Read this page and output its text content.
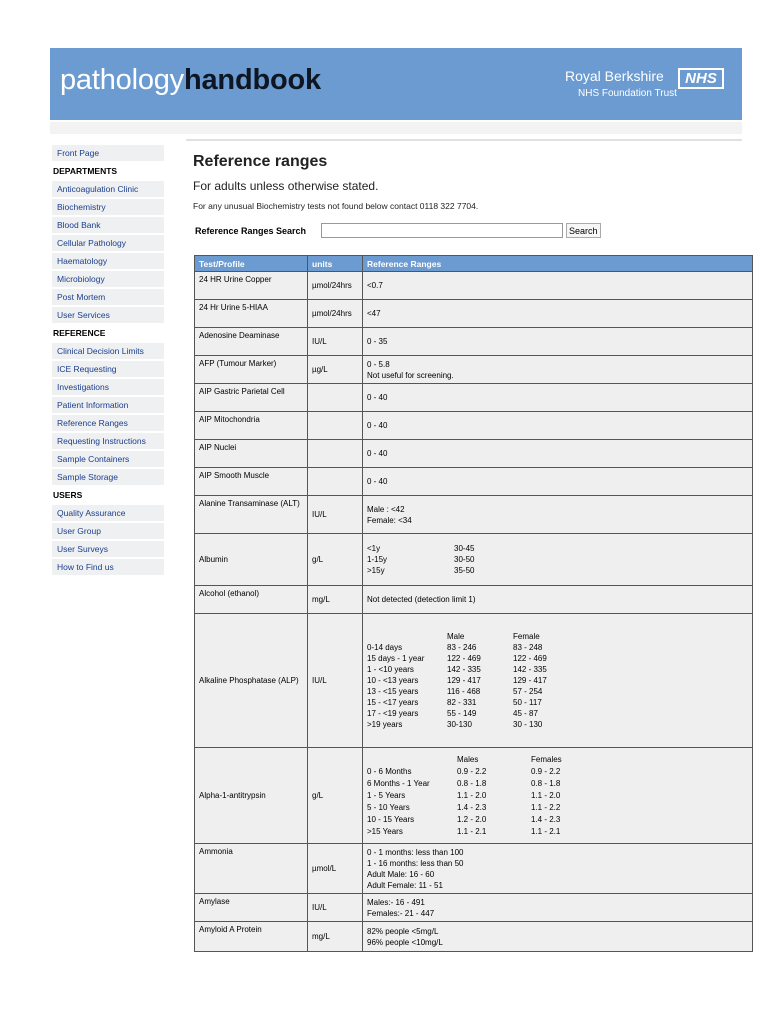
pathologyhandbook	Royal Berkshire	NHS
NHS Foundation Trust
Front Page
DEPARTMENTS
Anticoagulation Clinic
Biochemistry
Blood Bank
Cellular Pathology
Haematology
Microbiology
Post Mortem
User Services
REFERENCE
Clinical Decision Limits
ICE Requesting
Investigations
Patient Information
Reference Ranges
Requesting Instructions
Sample Containers
Sample Storage
USERS
Quality Assurance
User Group
User Surveys
How to Find us
Reference ranges
For adults unless otherwise stated.
For any unusual Biochemistry tests not found below contact 0118 322 7704.
Reference Ranges Search	Search
Test/Profile	units	Reference Ranges
24 HR Urine Copper	µmol/24hrs	<0.7
24 Hr Urine 5-HIAA	µmol/24hrs	<47
Adenosine Deaminase	IU/L	0 - 35
AFP (Tumour Marker)	µg/L	
0 - 5.8
Not useful for screening.

AIP Gastric Parietal Cell		0 - 40
AIP Mitochondria		0 - 40
AIP Nuclei		0 - 40
AIP Smooth Muscle		0 - 40
Alanine Transaminase (ALT)	IU/L	
Male : <42
Female: <34

Albumin	g/L	
<1y	30-45
1-15y	30-50
>15y	35-50

Alcohol (ethanol)	mg/L	Not detected (detection limit 1)
Alkaline Phosphatase (ALP)	IU/L	
	Male	Female
0-14 days	83 - 246	83 - 248
15 days - 1 year	122 - 469	122 - 469
1 - <10 years	142 - 335	142 - 335
10 - <13 years	129 - 417	129 - 417
13 - <15 years	116 - 468	57 - 254
15 - <17 years	82 - 331	50 - 117
17 - <19 years	55 - 149	45 - 87
>19 years	30-130	30 - 130

Alpha-1-antitrypsin	g/L	
	Males	Females
0 - 6 Months	0.9 - 2.2	0.9 - 2.2
6 Months - 1 Year	0.8 - 1.8	0.8 - 1.8
1 - 5 Years	1.1 - 2.0	1.1 - 2.0
5 - 10 Years	1.4 - 2.3	1.1 - 2.2
10 - 15 Years	1.2 - 2.0	1.4 - 2.3
>15 Years	1.1 - 2.1	1.1 - 2.1

Ammonia	µmol/L	
0 - 1 months: less than 100
1 - 16 months: less than 50
Adult Male: 16 - 60
Adult Female: 11 - 51

Amylase	IU/L	
Males:- 16 - 491
Females:- 21 - 447

Amyloid A Protein	mg/L	
82% people <5mg/L
96% people <10mg/L
